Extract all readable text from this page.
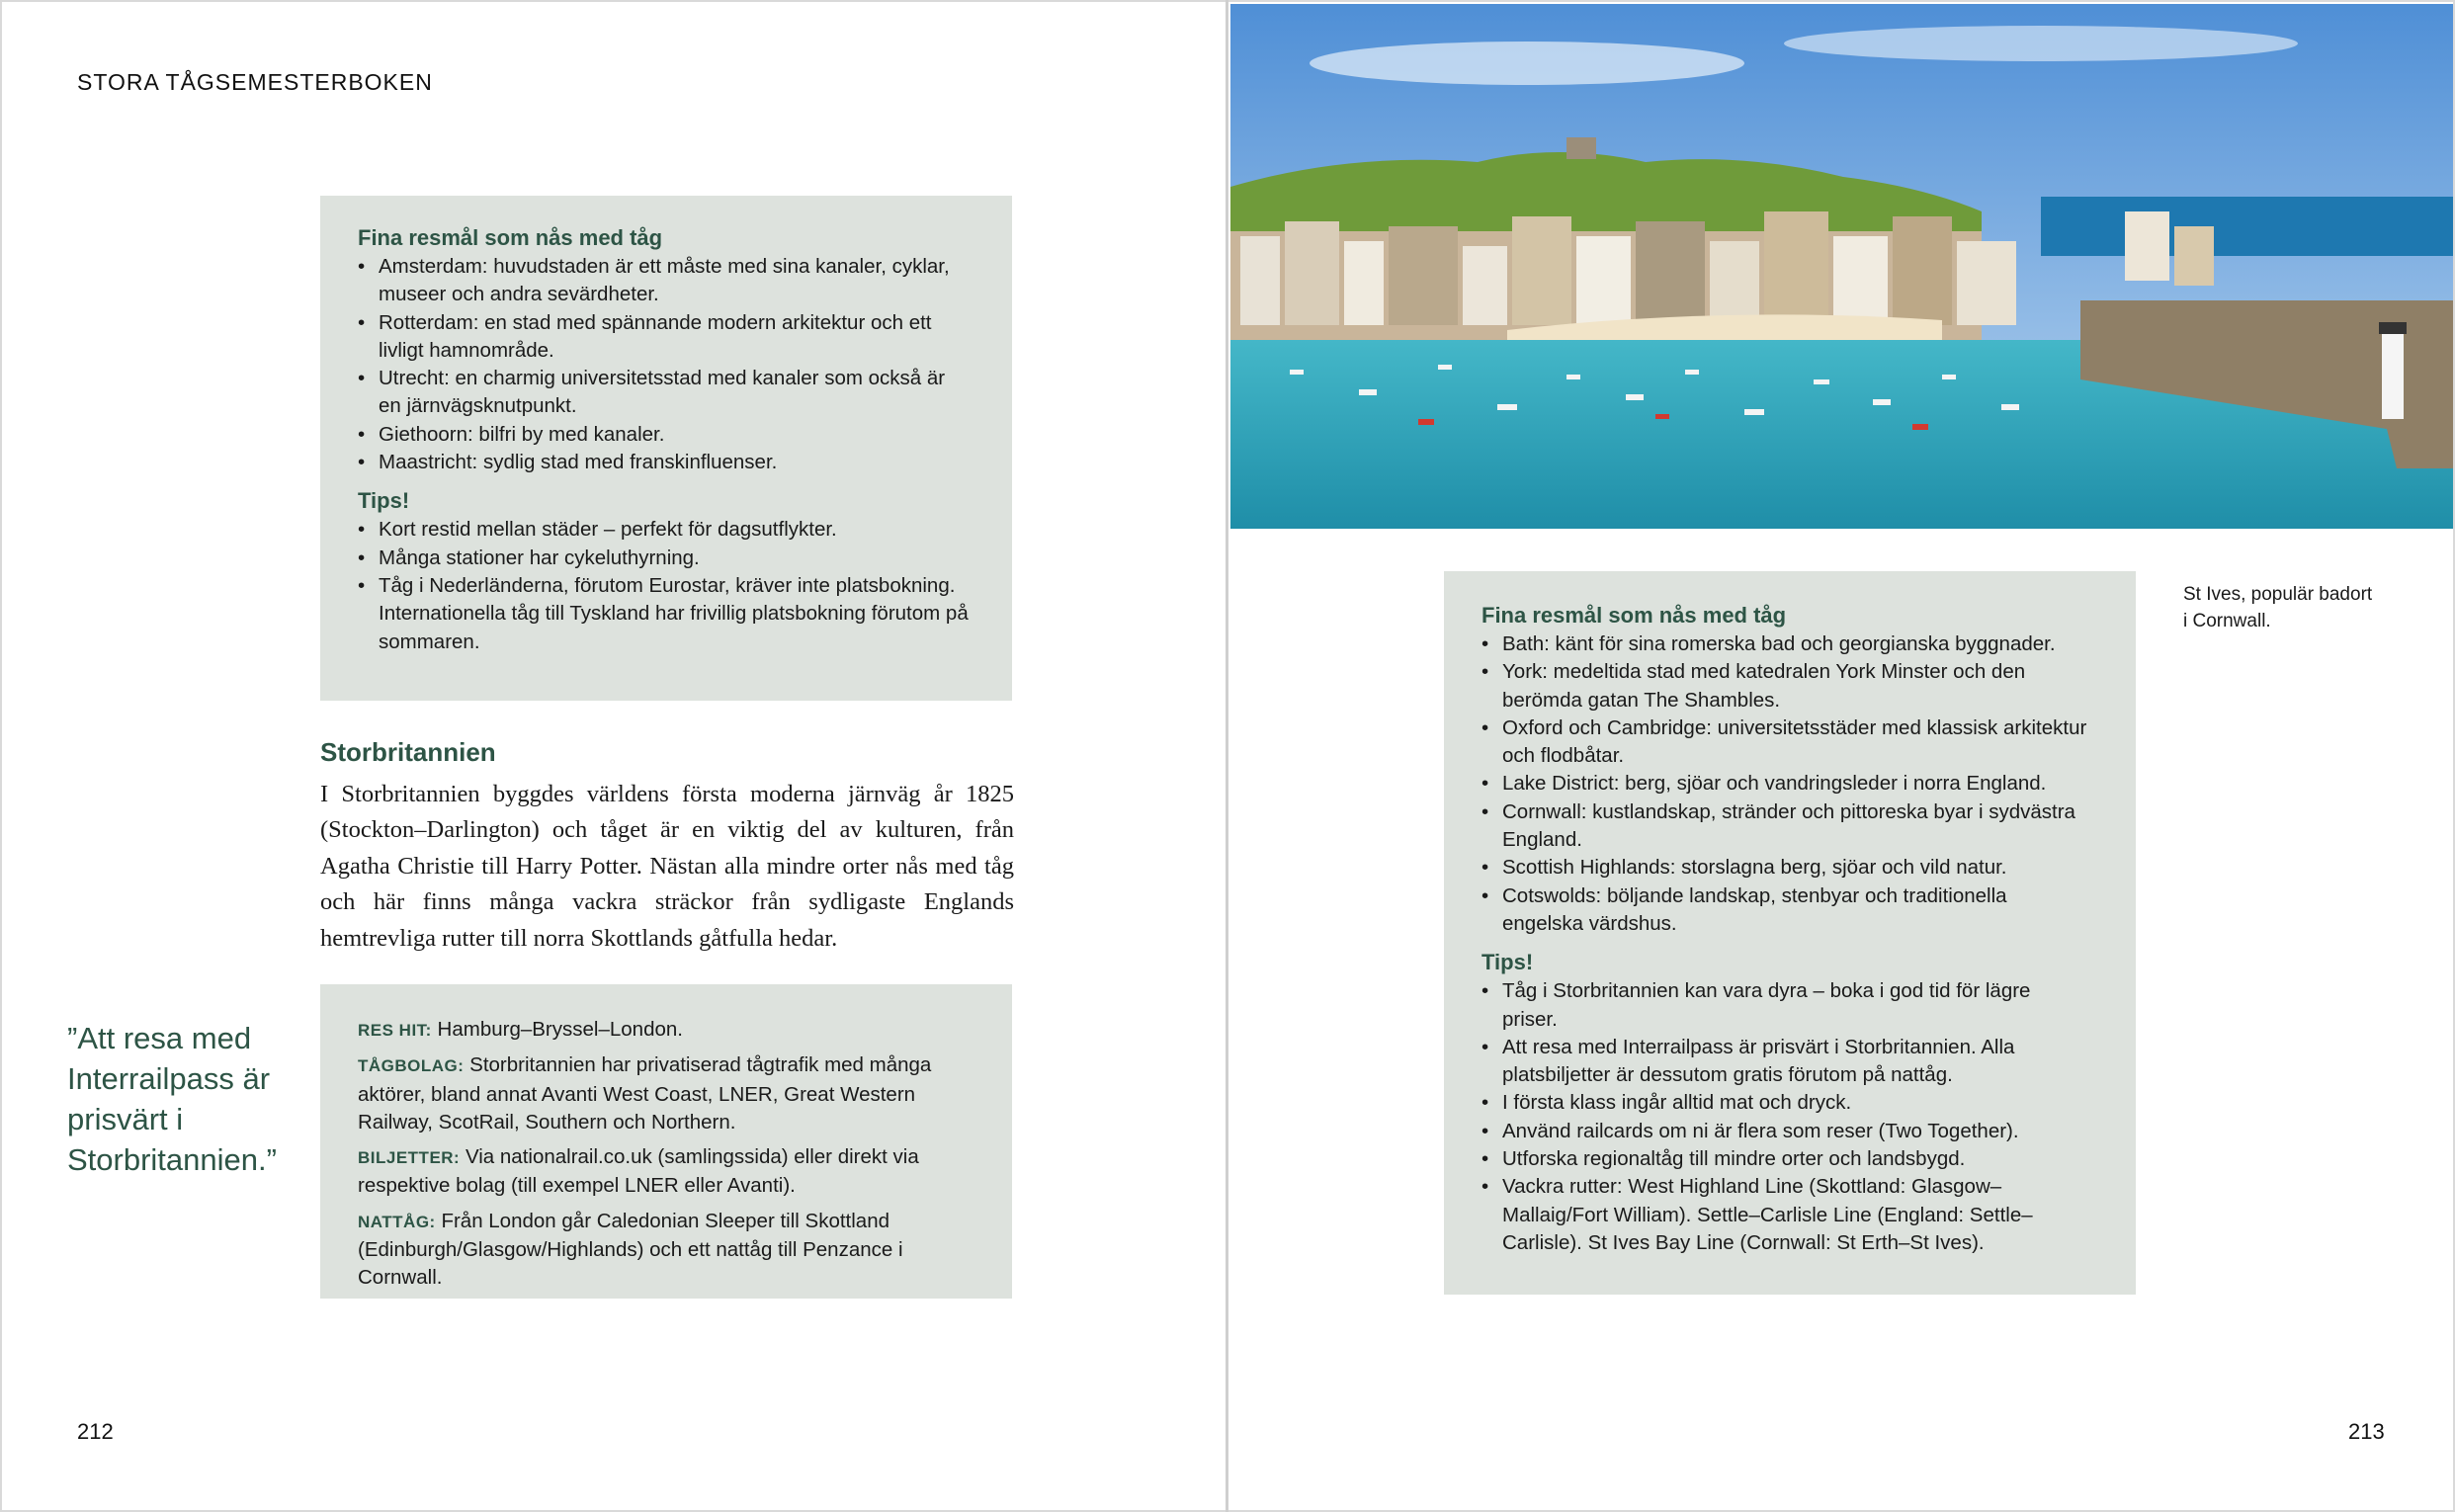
STORA TÅGSEMESTERBOKEN
Fina resmål som nås med tåg
• Amsterdam: huvudstaden är ett måste med sina kanaler, cyklar, museer och andra sevärdheter.
• Rotterdam: en stad med spännande modern arkitektur och ett livligt hamnområde.
• Utrecht: en charmig universitetsstad med kanaler som också är en järnvägsknutpunkt.
• Giethoorn: bilfri by med kanaler.
• Maastricht: sydlig stad med franskinfluenser.
Tips!
• Kort restid mellan städer – perfekt för dagsutflykter.
• Många stationer har cykeluthyrning.
• Tåg i Nederländerna, förutom Eurostar, kräver inte platsbokning. Internationella tåg till Tyskland har frivillig platsbokning förutom på sommaren.
Storbritannien
I Storbritannien byggdes världens första moderna järnväg år 1825 (Stockton–Darlington) och tåget är en viktig del av kulturen, från Agatha Christie till Harry Potter. Nästan alla mindre orter nås med tåg och här finns många vackra sträckor från sydligaste Englands hemtrevliga rutter till norra Skottlands gåtfulla hedar.
”Att resa med Interrailpass är prisvärt i Storbritannien.”
RES HIT: Hamburg–Bryssel–London.
TÅGBOLAG: Storbritannien har privatiserad tågtrafik med många aktörer, bland annat Avanti West Coast, LNER, Great Western Railway, ScotRail, Southern och Northern.
BILJETTER: Via nationalrail.co.uk (samlingssida) eller direkt via respektive bolag (till exempel LNER eller Avanti).
NATTÅG: Från London går Caledonian Sleeper till Skottland (Edinburgh/Glasgow/Highlands) och ett nattåg till Penzance i Cornwall.
212
St Ives, populär badort i Cornwall.
Fina resmål som nås med tåg
• Bath: känt för sina romerska bad och georgianska byggnader.
• York: medeltida stad med katedralen York Minster och den berömda gatan The Shambles.
• Oxford och Cambridge: universitetsstäder med klassisk arkitektur och flodbåtar.
• Lake District: berg, sjöar och vandringsleder i norra England.
• Cornwall: kustlandskap, stränder och pittoreska byar i sydvästra England.
• Scottish Highlands: storslagna berg, sjöar och vild natur.
• Cotswolds: böljande landskap, stenbyar och traditionella engelska värdshus.
Tips!
• Tåg i Storbritannien kan vara dyra – boka i god tid för lägre priser.
• Att resa med Interrailpass är prisvärt i Storbritannien. Alla platsbiljetter är dessutom gratis förutom på nattåg.
• I första klass ingår alltid mat och dryck.
• Använd railcards om ni är flera som reser (Two Together).
• Utforska regionaltåg till mindre orter och landsbygd.
• Vackra rutter: West Highland Line (Skottland: Glasgow–Mallaig/Fort William). Settle–Carlisle Line (England: Settle–Carlisle). St Ives Bay Line (Cornwall: St Erth–St Ives).
213
